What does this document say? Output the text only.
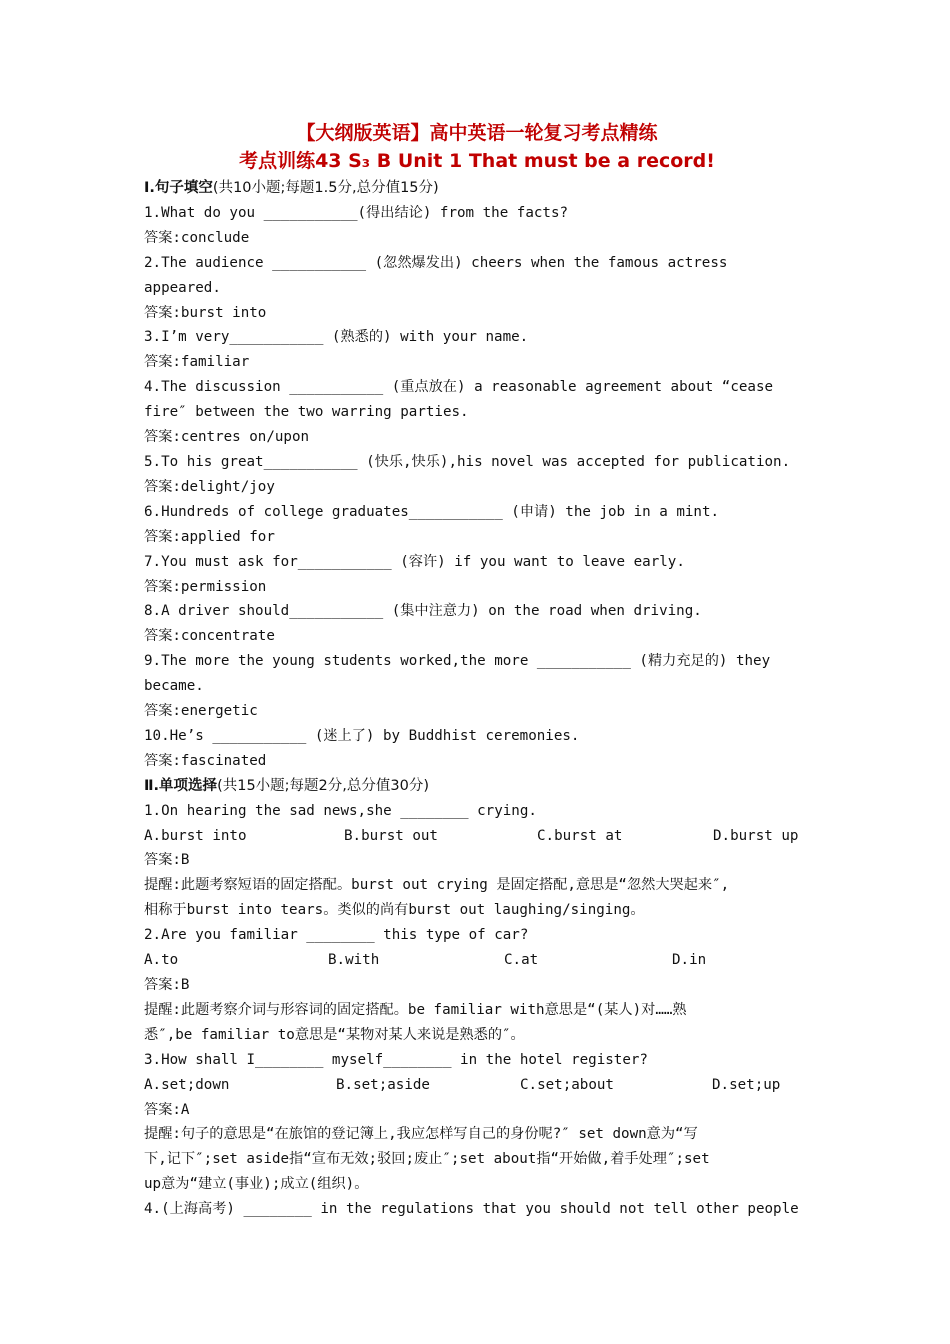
【大纲版英语】高中英语一轮复习考点精练
考点训练43 S₃ B Unit 1 That must be a record!
Ⅰ.句子填空(共10小题;每题1.5分,总分值15分)
1.What do you ___________(得出结论) from the facts?
答案:conclude
2.The audience ___________ (忽然爆发出) cheers when the famous actress
appeared.
答案:burst into
3.I’m very___________ (熟悉的) with your name.
答案:familiar
4.The discussion ___________ (重点放在) a reasonable agreement about “cease
fire″ between the two warring parties.
答案:centres on/upon
5.To his great___________ (快乐,快乐),his novel was accepted for publication.
答案:delight/joy
6.Hundreds of college graduates___________ (申请) the job in a mint.
答案:applied for
7.You must ask for___________ (容许) if you want to leave early.
答案:permission
8.A driver should___________ (集中注意力) on the road when driving.
答案:concentrate
9.The more the young students worked,the more ___________ (精力充足的) they
became.
答案:energetic
10.He’s ___________ (迷上了) by Buddhist ceremonies.
答案:fascinated
Ⅱ.单项选择(共15小题;每题2分,总分值30分)
1.On hearing the sad news,she ________ crying.
A.burst into	B.burst out	C.burst at	D.burst up
答案:B
提醒:此题考察短语的固定搭配。burst out crying 是固定搭配,意思是“忽然大哭起来″,
相称于burst into tears。类似的尚有burst out laughing/singing。
2.Are you familiar ________ this type of car?
A.to	B.with	C.at	D.in
答案:B
提醒:此题考察介词与形容词的固定搭配。be familiar with意思是“(某人)对……熟
悉″,be familiar to意思是“某物对某人来说是熟悉的″。
3.How shall I________ myself________ in the hotel register?
A.set;down	B.set;aside	C.set;about	D.set;up
答案:A
提醒:句子的意思是“在旅馆的登记簿上,我应怎样写自己的身份呢?″ set down意为“写
下,记下″;set aside指“宣布无效;驳回;废止″;set about指“开始做,着手处理″;set
up意为“建立(事业);成立(组织)。
4.(上海高考) ________ in the regulations that you should not tell other people
